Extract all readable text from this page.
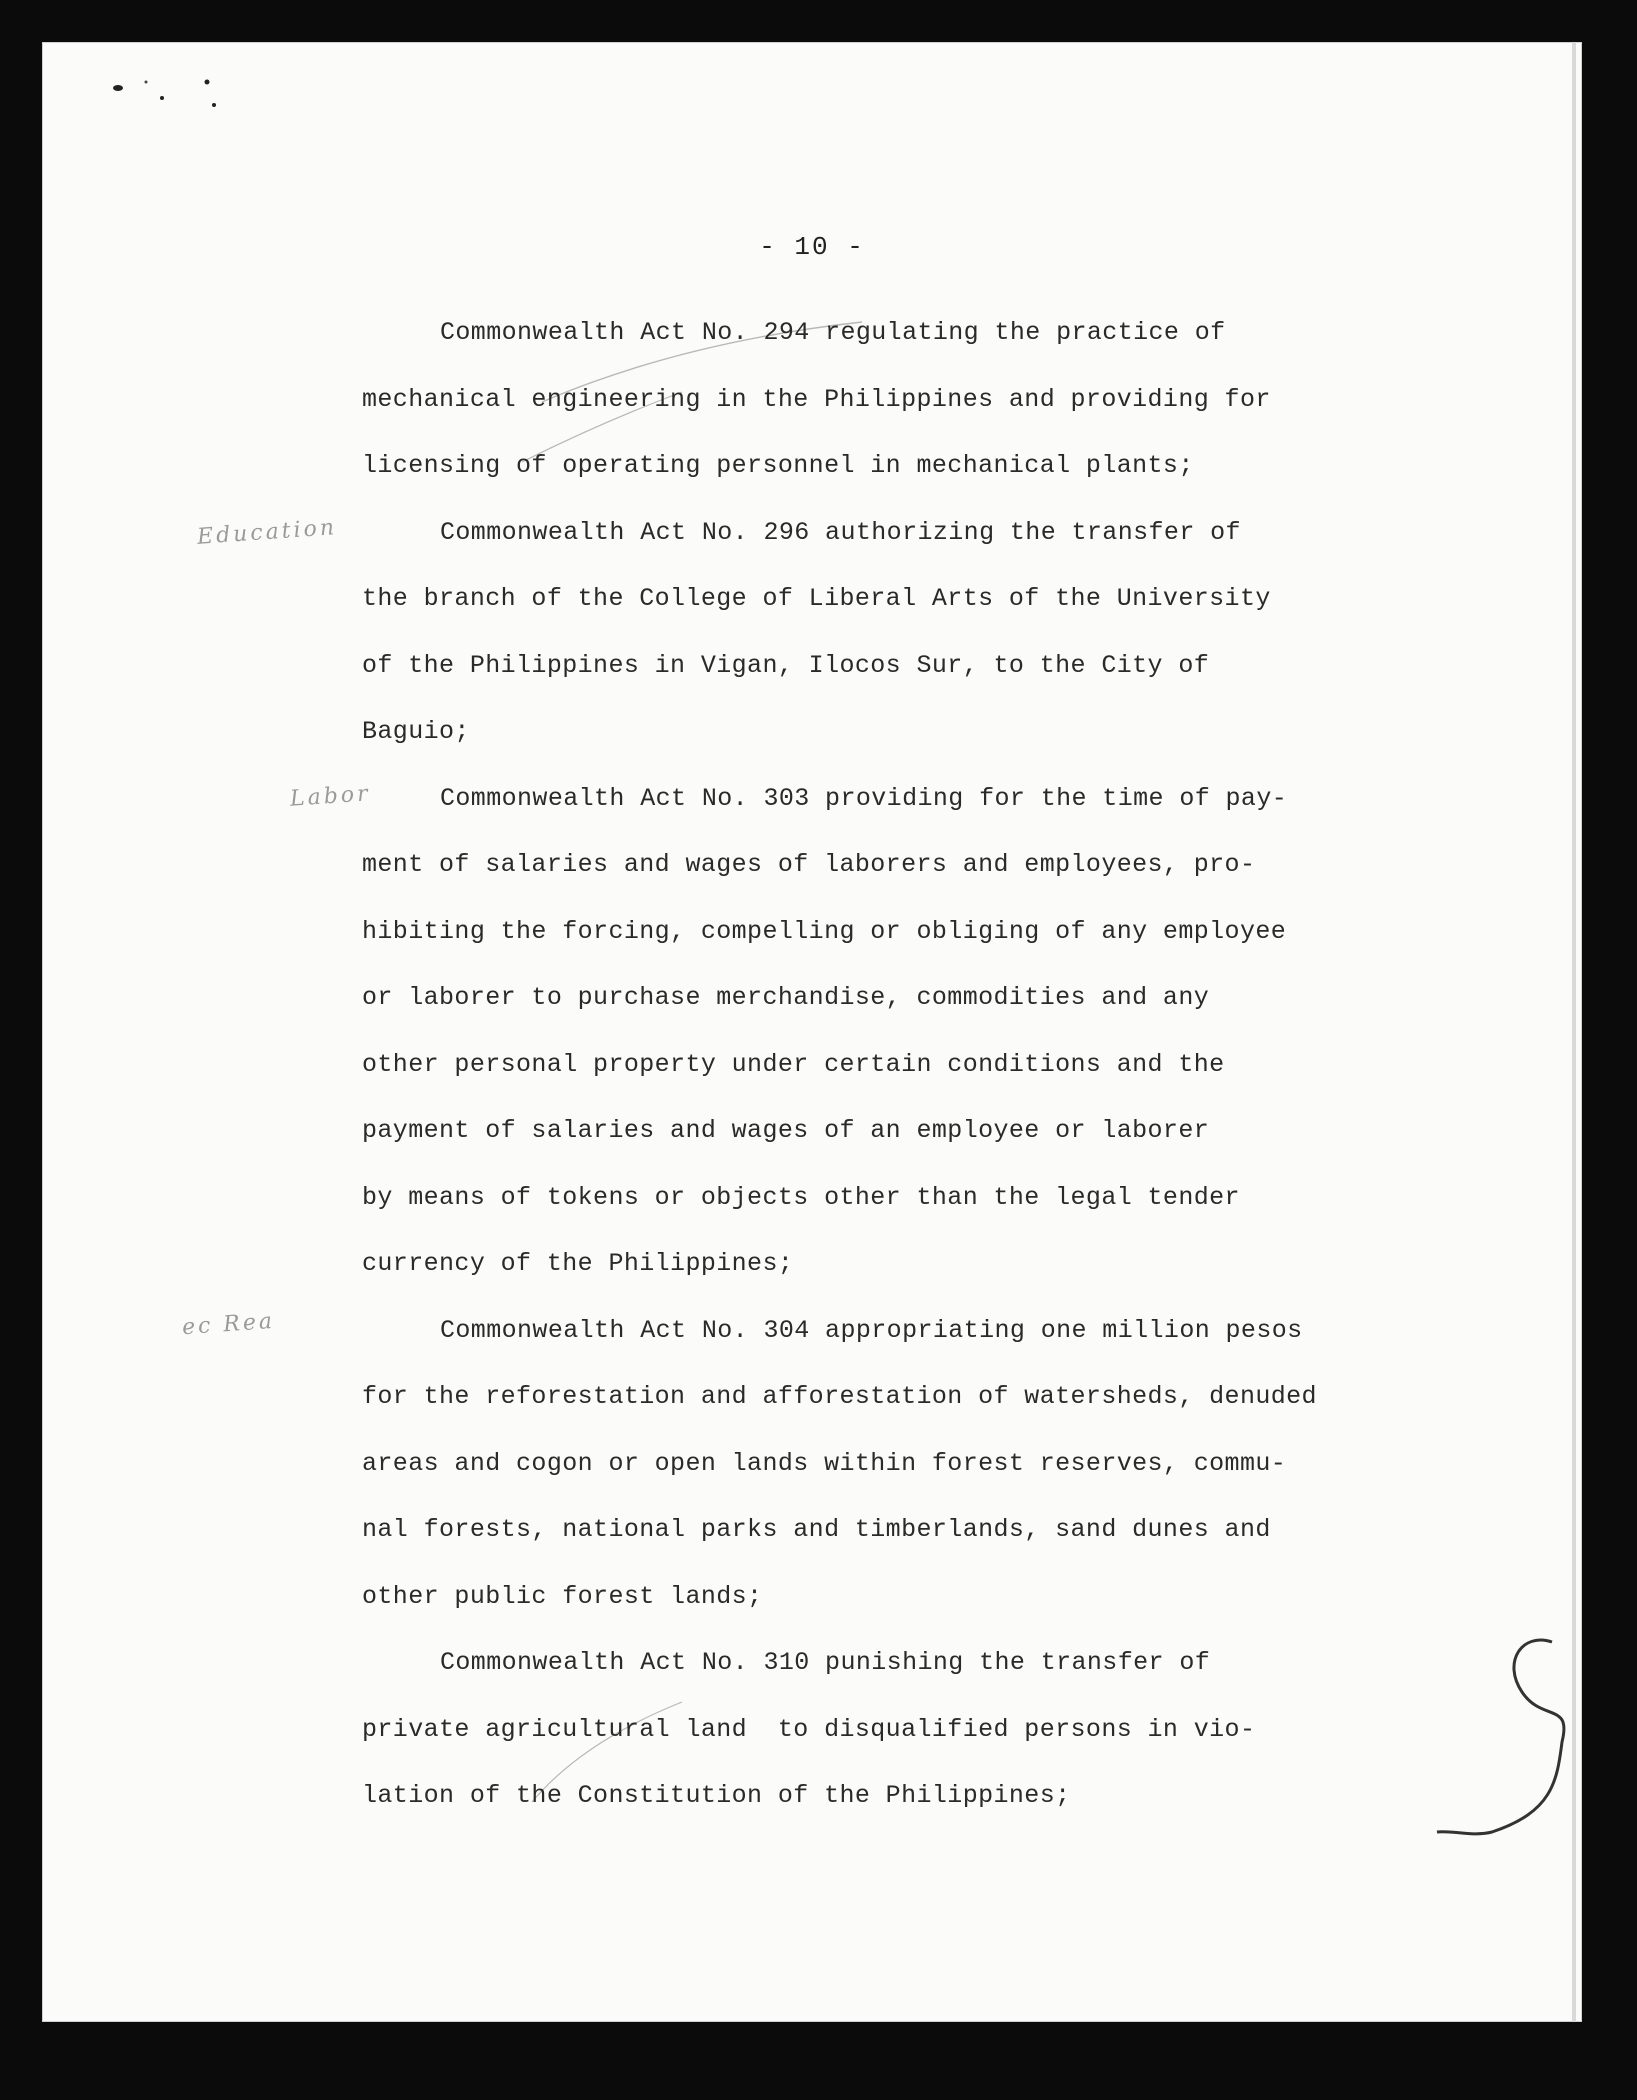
- 10 -
Education
Labor
ec Rea

Commonwealth Act No. 294 regulating the practice of
mechanical engineering in the Philippines and providing for
licensing of operating personnel in mechanical plants;

Commonwealth Act No. 296 authorizing the transfer of
the branch of the College of Liberal Arts of the University
of the Philippines in Vigan, Ilocos Sur, to the City of
Baguio;

Commonwealth Act No. 303 providing for the time of pay-
ment of salaries and wages of laborers and employees, pro-
hibiting the forcing, compelling or obliging of any employee
or laborer to purchase merchandise, commodities and any
other personal property under certain conditions and the
payment of salaries and wages of an employee or laborer
by means of tokens or objects other than the legal tender
currency of the Philippines;

Commonwealth Act No. 304 appropriating one million pesos
for the reforestation and afforestation of watersheds, denuded
areas and cogon or open lands within forest reserves, commu-
nal forests, national parks and timberlands, sand dunes and
other public forest lands;

Commonwealth Act No. 310 punishing the transfer of
private agricultural land  to disqualified persons in vio-
lation of the Constitution of the Philippines;
